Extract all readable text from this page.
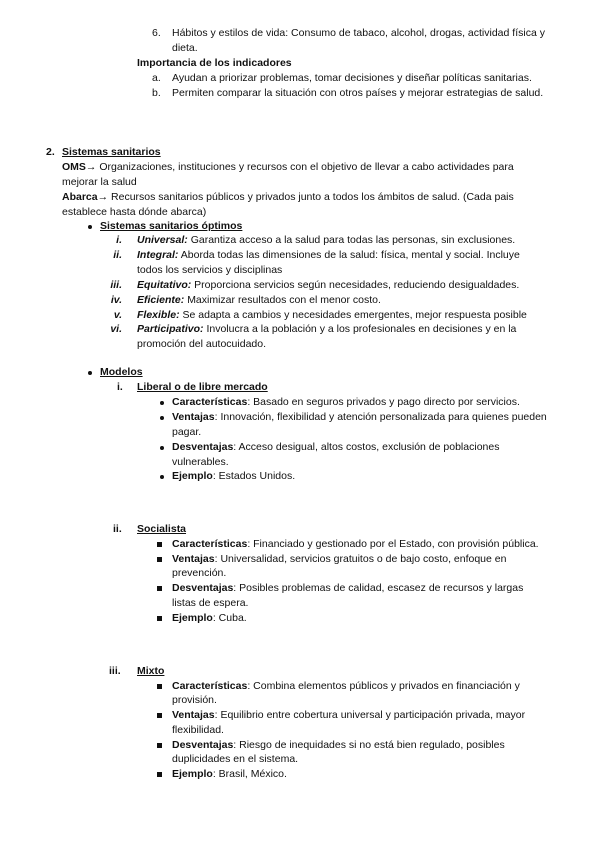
6. Hábitos y estilos de vida: Consumo de tabaco, alcohol, drogas, actividad física y
dieta.
Importancia de los indicadores
a. Ayudan a priorizar problemas, tomar decisiones y diseñar políticas sanitarias.
b. Permiten comparar la situación con otros países y mejorar estrategias de salud.
2. Sistemas sanitarios
OMS→ Organizaciones, instituciones y recursos con el objetivo de llevar a cabo actividades para
mejorar la salud
Abarca→ Recursos sanitarios públicos y privados junto a todos los ámbitos de salud. (Cada pais
establece hasta dónde abarca)
Sistemas sanitarios óptimos
i. Universal: Garantiza acceso a la salud para todas las personas, sin exclusiones.
ii. Integral: Aborda todas las dimensiones de la salud: física, mental y social. Incluye
todos los servicios y disciplinas
iii. Equitativo: Proporciona servicios según necesidades, reduciendo desigualdades.
iv. Eficiente: Maximizar resultados con el menor costo.
v. Flexible: Se adapta a cambios y necesidades emergentes, mejor respuesta posible
vi. Participativo: Involucra a la población y a los profesionales en decisiones y en la
promoción del autocuidado.
Modelos
i. Liberal o de libre mercado
Características: Basado en seguros privados y pago directo por servicios.
Ventajas: Innovación, flexibilidad y atención personalizada para quienes pueden
pagar.
Desventajas: Acceso desigual, altos costos, exclusión de poblaciones
vulnerables.
Ejemplo: Estados Unidos.
ii. Socialista
Características: Financiado y gestionado por el Estado, con provisión pública.
Ventajas: Universalidad, servicios gratuitos o de bajo costo, enfoque en
prevención.
Desventajas: Posibles problemas de calidad, escasez de recursos y largas
listas de espera.
Ejemplo: Cuba.
iii. Mixto
Características: Combina elementos públicos y privados en financiación y
provisión.
Ventajas: Equilibrio entre cobertura universal y participación privada, mayor
flexibilidad.
Desventajas: Riesgo de inequidades si no está bien regulado, posibles
duplicidades en el sistema.
Ejemplo: Brasil, México.
